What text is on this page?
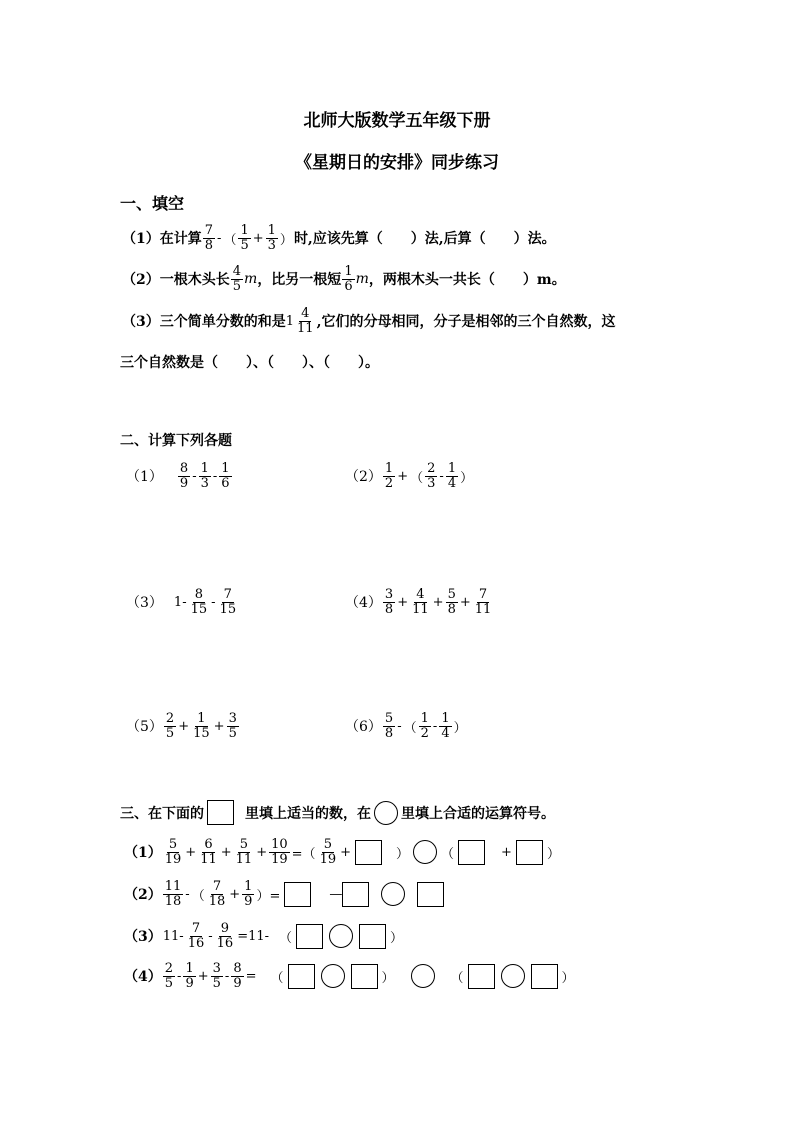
北师大版数学五年级下册
《星期日的安排》同步练习
一、填空
（1）在计算 $\frac{7}{8}$ - （ $\frac{1}{5} + \frac{1}{3}$ ） 时,应该先算（　　）法,后算（　　）法。
（2）一根木头长 $\frac{4}{5}$ m ，比另一根短 $\frac{1}{6}$ m ，两根木头一共长（　　）m。
（3）三个简单分数的和是 $1 \frac{4}{11}$ ,它们的分母相同，分子是相邻的三个自然数，这
三个自然数是（　　）、（　　）、（　　）。
二、计算下列各题
$(1) \frac{8}{9} - \frac{1}{3} - \frac{1}{6}$	$(2) \frac{1}{2}$ + （ $\frac{2}{3} - \frac{1}{4}$ ）
（3） $1- \frac{8}{15} - \frac{7}{15}$	$(4) \frac{3}{8} + \frac{4}{11} + \frac{5}{8} + \frac{7}{11}$
$(5) \frac{2}{5} + \frac{1}{15} + \frac{3}{5}$	$(6) \frac{5}{8}$ - （ $\frac{1}{2} - \frac{1}{4}$ ）
三、在下面的	里填上适当的数，在 里填上合适的运算符号。
$(1) \frac{5}{19} + \frac{6}{11} + \frac{5}{11} + \frac{10}{19}$ =（ $\frac{5}{19}$ +	） （	+	）
$(2) \frac{11}{18}$ - （ $\frac{7}{18} + \frac{1}{9}$ ）=	—
（3） $11- \frac{7}{16} - \frac{9}{16} =11-$ （	）
$(4) \frac{2}{5} - \frac{1}{9} + \frac{3}{5} - \frac{8}{9}$ = （	）	（	）
